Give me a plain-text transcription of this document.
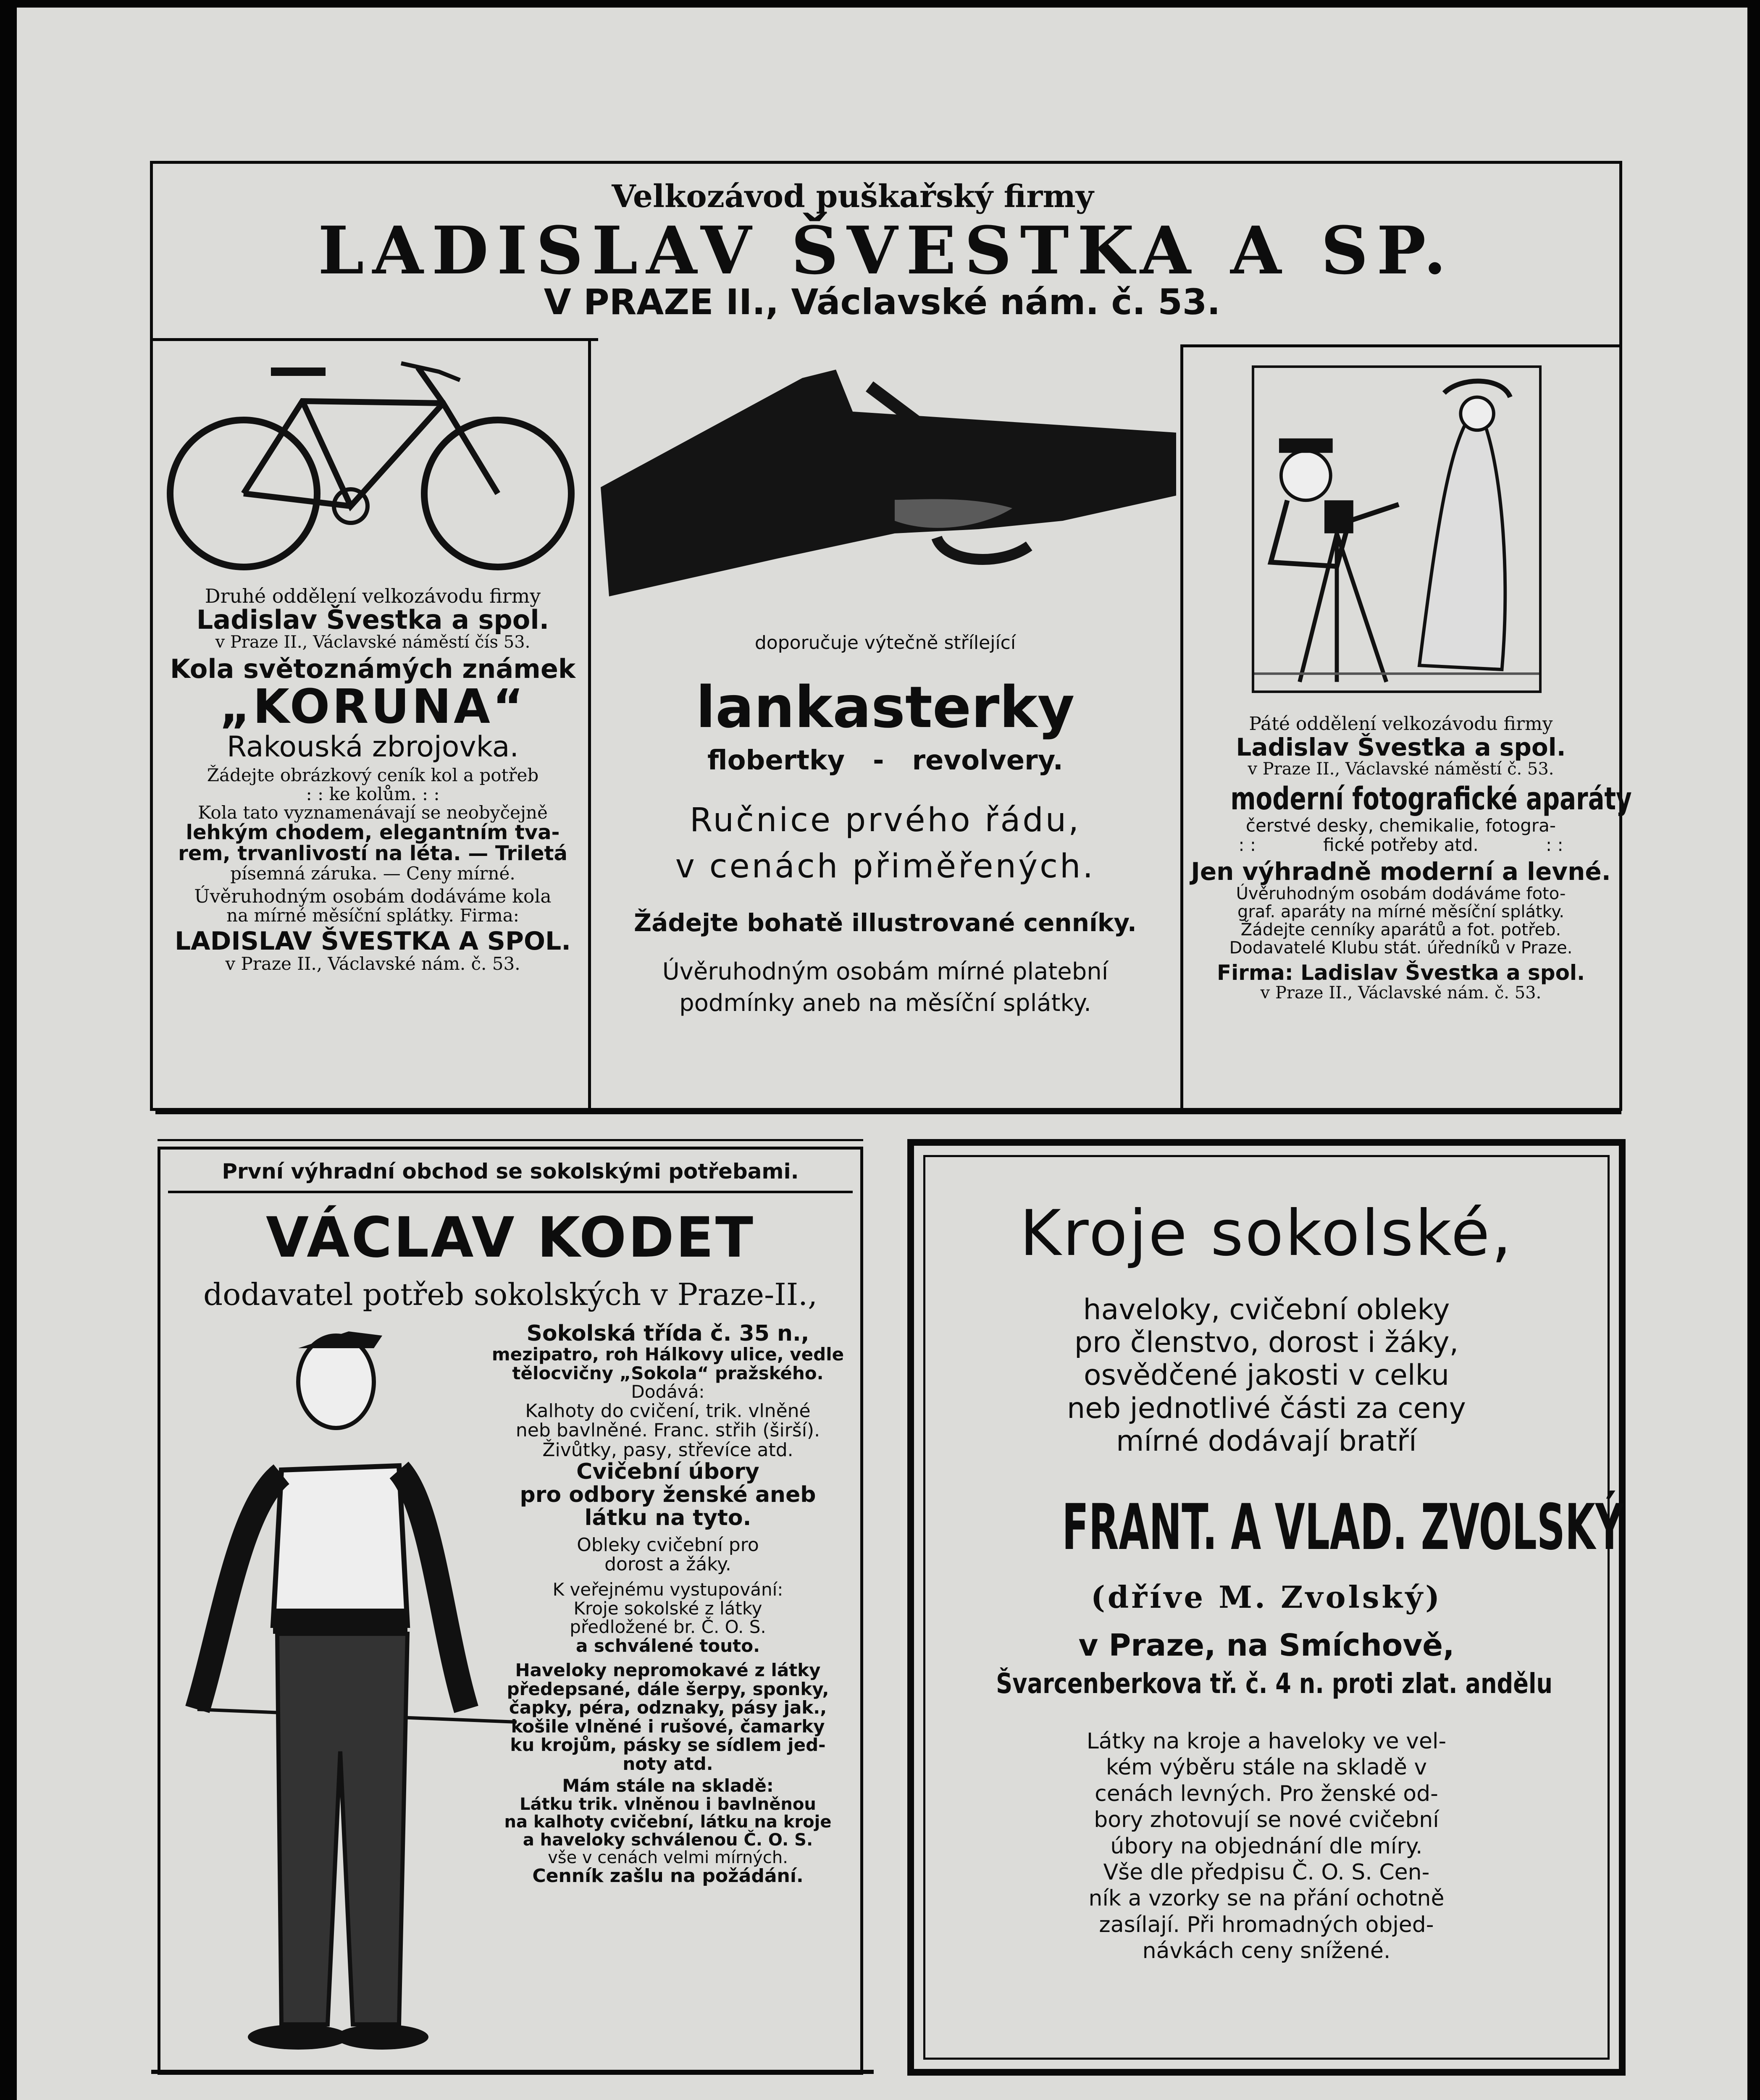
Velkozávod puškařský firmy
LADISLAV ŠVESTKA A SP.
V PRAZE II., Václavské nám. č. 53.
Druhé oddělení velkozávodu firmy
Ladislav Švestka a spol.
v Praze II., Václavské náměstí čís 53.
Kola světoznámých známek
„KORUNA“
Rakouská zbrojovka.
Žádejte obrázkový ceník kol a potřeb
: : ke kolům. : :
Kola tato vyznamenávají se neobyčejně
lehkým chodem, elegantním tva-
rem, trvanlivostí na léta. — Triletá
písemná záruka. — Ceny mírné.
Úvěruhodným osobám dodáváme kola
na mírné měsíční splátky. Firma:
LADISLAV ŠVESTKA A SPOL.
v Praze II., Václavské nám. č. 53.
doporučuje výtečně střílející
lankasterky
flobertky   -   revolvery.
Ručnice prvého řádu,
v cenách přiměřených.
Žádejte bohatě illustrované cenníky.
Úvěruhodným osobám mírné platební
podmínky aneb na měsíční splátky.
Páté oddělení velkozávodu firmy
Ladislav Švestka a spol.
v Praze II., Václavské náměstí č. 53.
moderní fotografické aparáty
čerstvé desky, chemikalie, fotogra-
: :            fické potřeby atd.            : :
Jen výhradně moderní a levné.
Úvěruhodným osobám dodáváme foto-
graf. aparáty na mírné měsíční splátky.
Žádejte cenníky aparátů a fot. potřeb.
Dodavatelé Klubu stát. úředníků v Praze.
Firma: Ladislav Švestka a spol.
v Praze II., Václavské nám. č. 53.
První výhradní obchod se sokolskými potřebami.
VÁCLAV KODET
dodavatel potřeb sokolských v Praze-II.,
Sokolská třída č. 35 n.,
mezipatro, roh Hálkovy ulice, vedle
tělocvičny „Sokola“ pražského.
Dodává:
Kalhoty do cvičení, trik. vlněné
neb bavlněné. Franc. střih (širší).
Živůtky, pasy, střevíce atd.
Cvičební úbory
pro odbory ženské aneb
látku na tyto.
Obleky cvičební pro
dorost a žáky.
K veřejnému vystupování:
Kroje sokolské z látky
předložené br. Č. O. S.
a schválené touto.
Haveloky nepromokavé z látky
předepsané, dále šerpy, sponky,
čapky, péra, odznaky, pásy jak.,
košile vlněné i rušové, čamarky
ku krojům, pásky se sídlem jed-
noty atd.
Mám stále na skladě:
Látku trik. vlněnou i bavlněnou
na kalhoty cvičební, látku na kroje
a haveloky schválenou Č. O. S.
vše v cenách velmi mírných.
Cenník zašlu na požádání.
Kroje sokolské,
haveloky, cvičební obleky
pro členstvo, dorost i žáky,
osvědčené jakosti v celku
neb jednotlivé části za ceny
mírné dodávají bratří
FRANT. A VLAD. ZVOLSKÝ
(dříve M. Zvolský)
v Praze, na Smíchově,
Švarcenberkova tř. č. 4 n. proti zlat. andělu
Látky na kroje a haveloky ve vel-
kém výběru stále na skladě v
cenách levných. Pro ženské od-
bory zhotovují se nové cvičební
úbory na objednání dle míry.
Vše dle předpisu Č. O. S. Cen-
ník a vzorky se na přání ochotně
zasílají. Při hromadných objed-
návkách ceny snížené.
